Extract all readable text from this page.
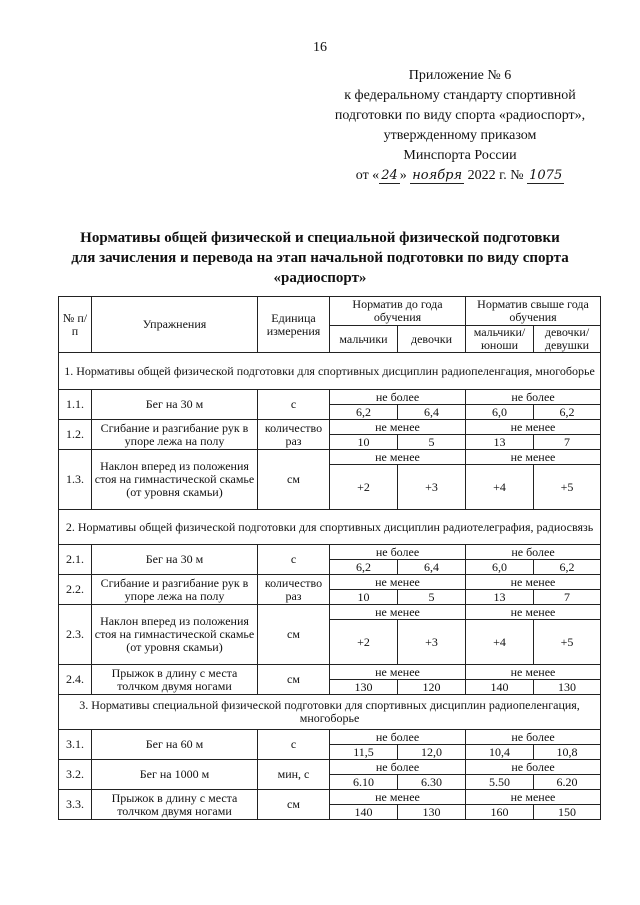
16
Приложение № 6
к федеральному стандарту спортивной
подготовки по виду спорта «радиоспорт»,
утвержденному приказом
Минспорта России
от « 24 » ноября 2022 г. № 1075
Нормативы общей физической и специальной физической подготовки
для зачисления и перевода на этап начальной подготовки по виду спорта
«радиоспорт»
№ п/п	Упражнения	Единица измерения	Норматив до года обучения		Норматив свыше года обучения	
			мальчики	девочки	мальчики/ юноши	девочки/ девушки
1. Нормативы общей физической подготовки для спортивных дисциплин радиопеленгация, многоборье						
1.1.	Бег на 30 м	с	не более		не более	
			6,2	6,4	6,0	6,2
1.2.	Сгибание и разгибание рук в упоре лежа на полу	количество раз	не менее		не менее	
			10	5	13	7
1.3.	Наклон вперед из положения стоя на гимнастической скамье (от уровня скамьи)	см	не менее		не менее	
			+2	+3	+4	+5
2. Нормативы общей физической подготовки для спортивных дисциплин радиотелеграфия, радиосвязь						
2.1.	Бег на 30 м	с	не более		не более	
			6,2	6,4	6,0	6,2
2.2.	Сгибание и разгибание рук в упоре лежа на полу	количество раз	не менее		не менее	
			10	5	13	7
2.3.	Наклон вперед из положения стоя на гимнастической скамье (от уровня скамьи)	см	не менее		не менее	
			+2	+3	+4	+5
2.4.	Прыжок в длину с места толчком двумя ногами	см	не менее		не менее	
			130	120	140	130
3. Нормативы специальной физической подготовки для спортивных дисциплин радиопеленгация, многоборье						
3.1.	Бег на 60 м	с	не более		не более	
			11,5	12,0	10,4	10,8
3.2.	Бег на 1000 м	мин, с	не более		не более	
			6.10	6.30	5.50	6.20
3.3.	Прыжок в длину с места толчком двумя ногами	см	не менее		не менее	
			140	130	160	150
